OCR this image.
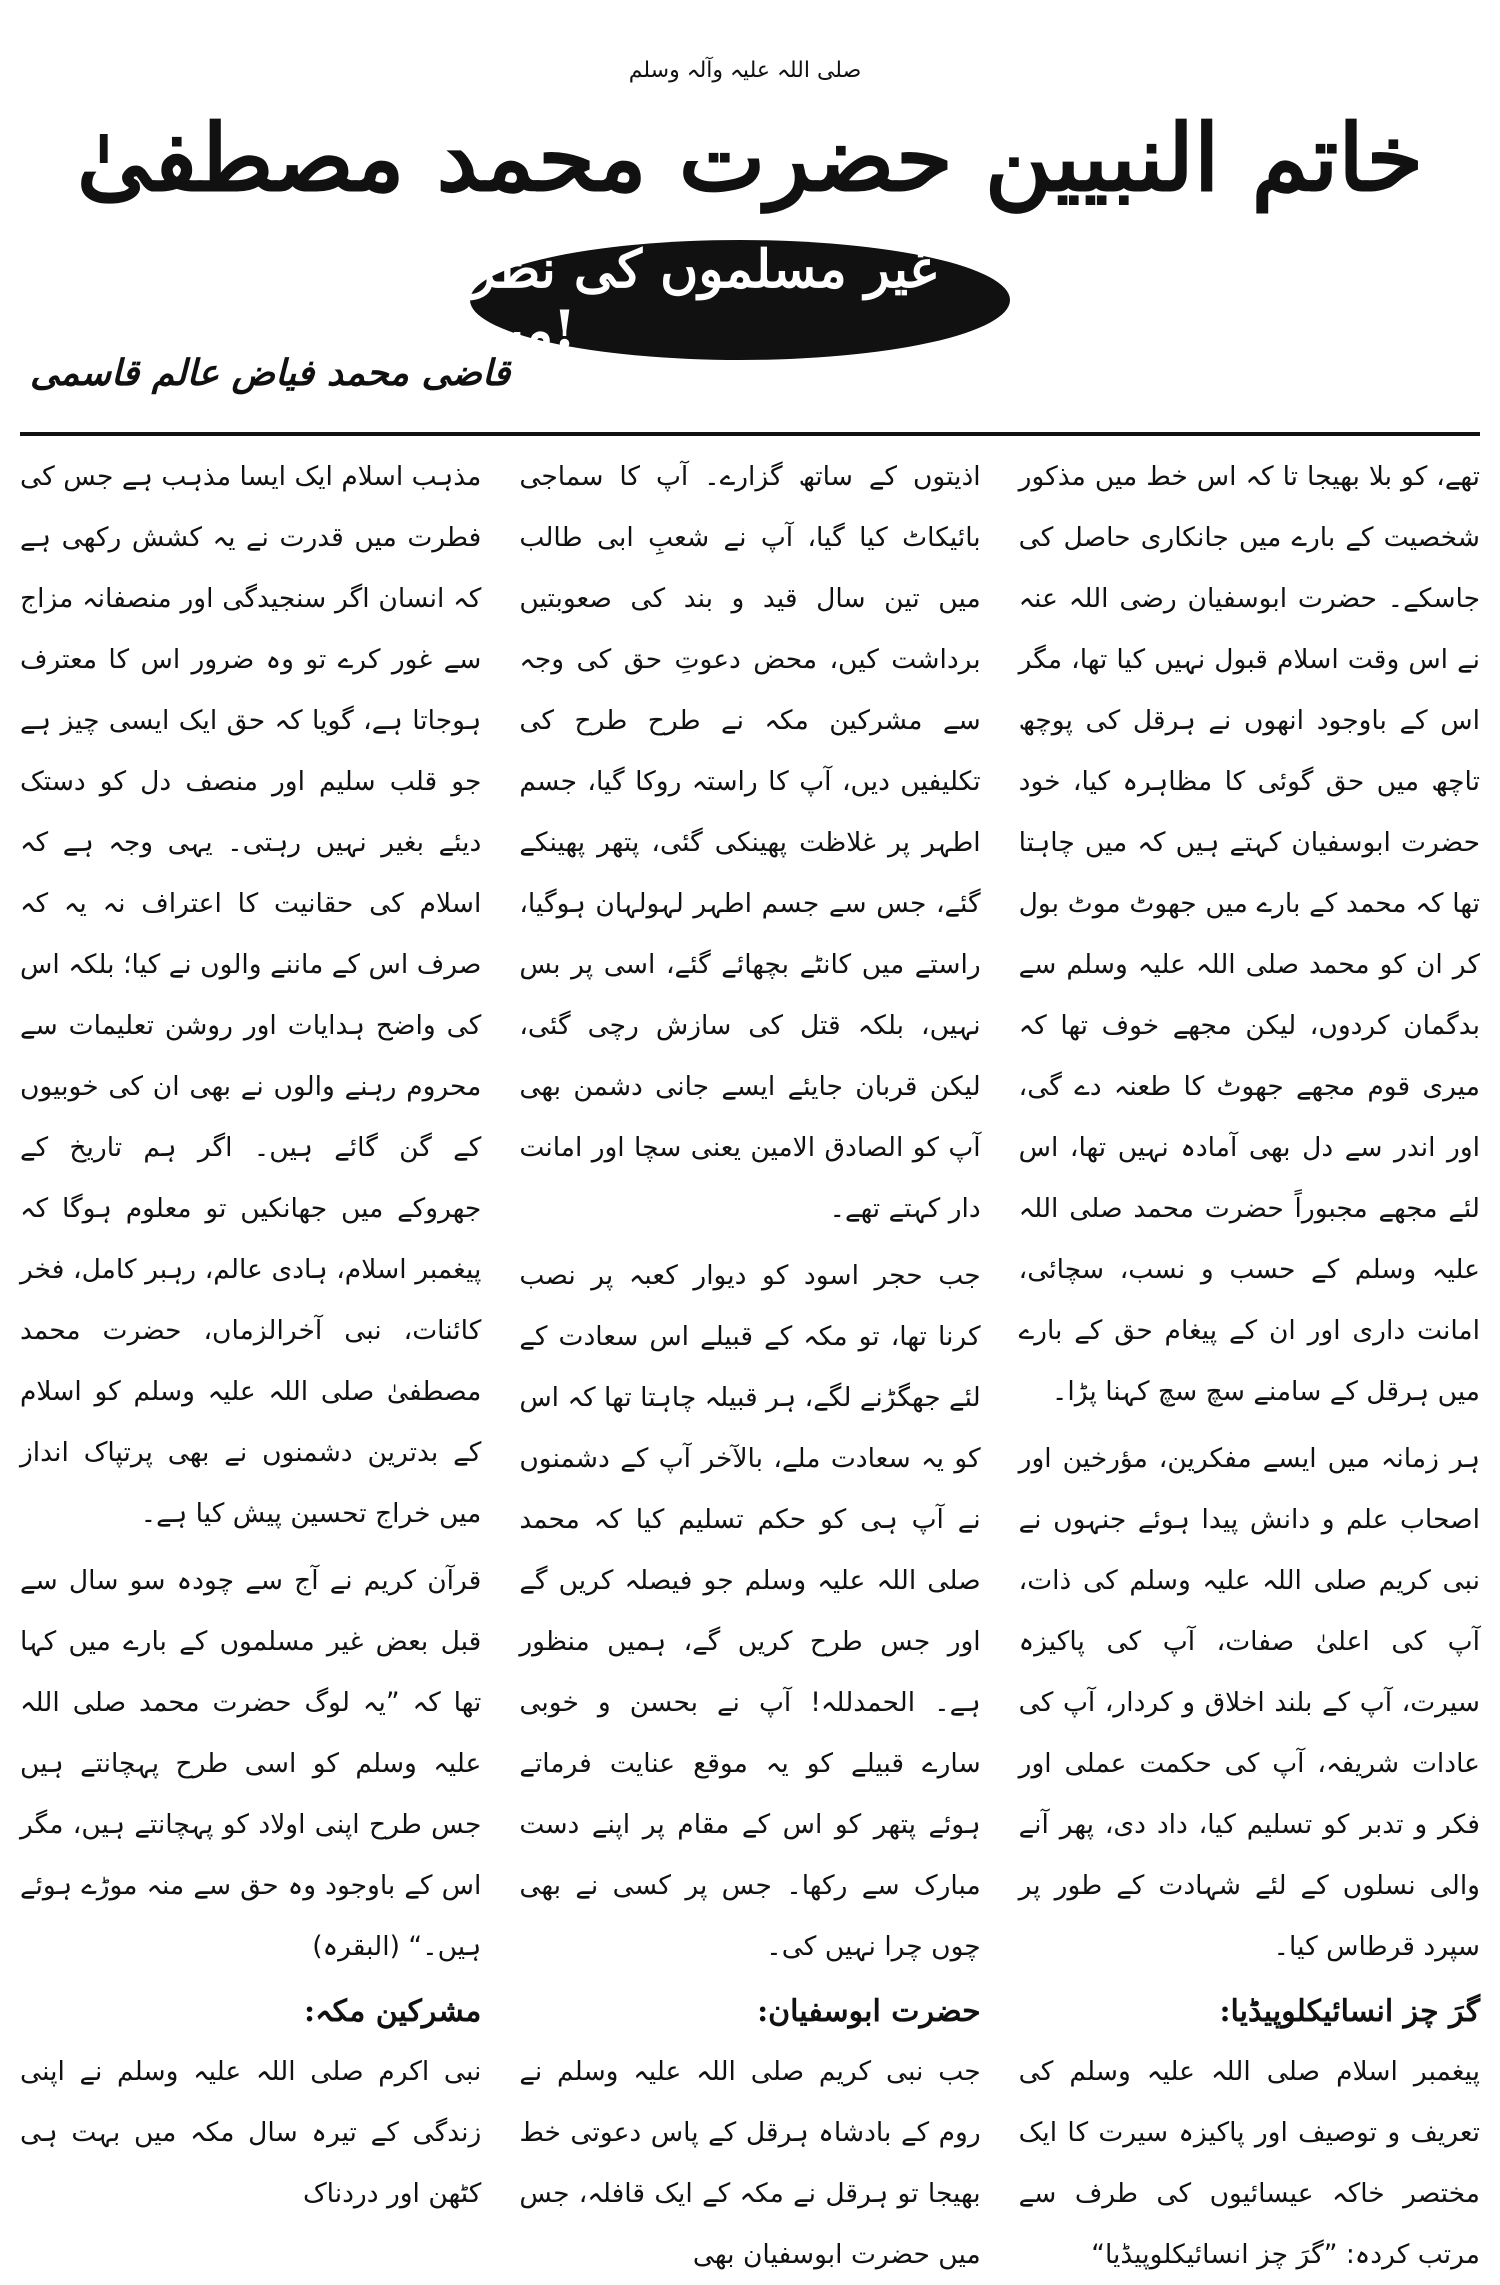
صلی اللہ علیہ وآلہ وسلم خاتم النبیین حضرت محمد مصطفیٰ
غیر مسلموں کی نظر میں!
قاضی محمد فیاض عالم قاسمی

مذہب اسلام ایک ایسا مذہب ہے جس کی فطرت میں قدرت نے یہ کشش رکھی ہے کہ انسان اگر سنجیدگی اور منصفانہ مزاج سے غور کرے تو وہ ضرور اس کا معترف ہوجاتا ہے، گویا کہ حق ایک ایسی چیز ہے جو قلب سلیم اور منصف دل کو دستک دیئے بغیر نہیں رہتی۔ یہی وجہ ہے کہ اسلام کی حقانیت کا اعتراف نہ یہ کہ صرف اس کے ماننے والوں نے کیا؛ بلکہ اس کی واضح ہدایات اور روشن تعلیمات سے محروم رہنے والوں نے بھی ان کی خوبیوں کے گن گائے ہیں۔ اگر ہم تاریخ کے جھروکے میں جھانکیں تو معلوم ہوگا کہ پیغمبر اسلام، ہادی عالم، رہبر کامل، فخر کائنات، نبی آخرالزماں، حضرت محمد مصطفیٰ صلی اللہ علیہ وسلم کو اسلام کے بدترین دشمنوں نے بھی پرتپاک انداز میں خراج تحسین پیش کیا ہے۔

قرآن کریم نے آج سے چودہ سو سال سے قبل بعض غیر مسلموں کے بارے میں کہا تھا کہ ”یہ لوگ حضرت محمد صلی اللہ علیہ وسلم کو اسی طرح پہچانتے ہیں جس طرح اپنی اولاد کو پہچانتے ہیں، مگر اس کے باوجود وہ حق سے منہ موڑے ہوئے ہیں۔“ (البقرہ)

مشرکین مکہ:

نبی اکرم صلی اللہ علیہ وسلم نے اپنی زندگی کے تیرہ سال مکہ میں بہت ہی کٹھن اور دردناک

اذیتوں کے ساتھ گزارے۔ آپ کا سماجی بائیکاٹ کیا گیا، آپ نے شعبِ ابی طالب میں تین سال قید و بند کی صعوبتیں برداشت کیں، محض دعوتِ حق کی وجہ سے مشرکین مکہ نے طرح طرح کی تکلیفیں دیں، آپ کا راستہ روکا گیا، جسم اطہر پر غلاظت پھینکی گئی، پتھر پھینکے گئے، جس سے جسم اطہر لہولہان ہوگیا، راستے میں کانٹے بچھائے گئے، اسی پر بس نہیں، بلکہ قتل کی سازش رچی گئی، لیکن قربان جایئے ایسے جانی دشمن بھی آپ کو الصادق الامین یعنی سچا اور امانت دار کہتے تھے۔

جب حجر اسود کو دیوار کعبہ پر نصب کرنا تھا، تو مکہ کے قبیلے اس سعادت کے لئے جھگڑنے لگے، ہر قبیلہ چاہتا تھا کہ اس کو یہ سعادت ملے، بالآخر آپ کے دشمنوں نے آپ ہی کو حکم تسلیم کیا کہ محمد صلی اللہ علیہ وسلم جو فیصلہ کریں گے اور جس طرح کریں گے، ہمیں منظور ہے۔ الحمدللہ! آپ نے بحسن و خوبی سارے قبیلے کو یہ موقع عنایت فرماتے ہوئے پتھر کو اس کے مقام پر اپنے دست مبارک سے رکھا۔ جس پر کسی نے بھی چوں چرا نہیں کی۔

حضرت ابوسفیان:

جب نبی کریم صلی اللہ علیہ وسلم نے روم کے بادشاہ ہرقل کے پاس دعوتی خط بھیجا تو ہرقل نے مکہ کے ایک قافلہ، جس میں حضرت ابوسفیان بھی

تھے، کو بلا بھیجا تا کہ اس خط میں مذکور شخصیت کے بارے میں جانکاری حاصل کی جاسکے۔ حضرت ابوسفیان رضی اللہ عنہ نے اس وقت اسلام قبول نہیں کیا تھا، مگر اس کے باوجود انھوں نے ہرقل کی پوچھ تاچھ میں حق گوئی کا مظاہرہ کیا، خود حضرت ابوسفیان کہتے ہیں کہ میں چاہتا تھا کہ محمد کے بارے میں جھوٹ موٹ بول کر ان کو محمد صلی اللہ علیہ وسلم سے بدگمان کردوں، لیکن مجھے خوف تھا کہ میری قوم مجھے جھوٹ کا طعنہ دے گی، اور اندر سے دل بھی آمادہ نہیں تھا، اس لئے مجھے مجبوراً حضرت محمد صلی اللہ علیہ وسلم کے حسب و نسب، سچائی، امانت داری اور ان کے پیغام حق کے بارے میں ہرقل کے سامنے سچ سچ کہنا پڑا۔

ہر زمانہ میں ایسے مفکرین، مؤرخین اور اصحاب علم و دانش پیدا ہوئے جنہوں نے نبی کریم صلی اللہ علیہ وسلم کی ذات، آپ کی اعلیٰ صفات، آپ کی پاکیزہ سیرت، آپ کے بلند اخلاق و کردار، آپ کی عادات شریفہ، آپ کی حکمت عملی اور فکر و تدبر کو تسلیم کیا، داد دی، پھر آنے والی نسلوں کے لئے شہادت کے طور پر سپرد قرطاس کیا۔

گرَ چز انسائیکلوپیڈیا:

پیغمبر اسلام صلی اللہ علیہ وسلم کی تعریف و توصیف اور پاکیزہ سیرت کا ایک مختصر خاکہ عیسائیوں کی طرف سے مرتب کردہ: ”گرَ چز انسائیکلوپیڈیا“
